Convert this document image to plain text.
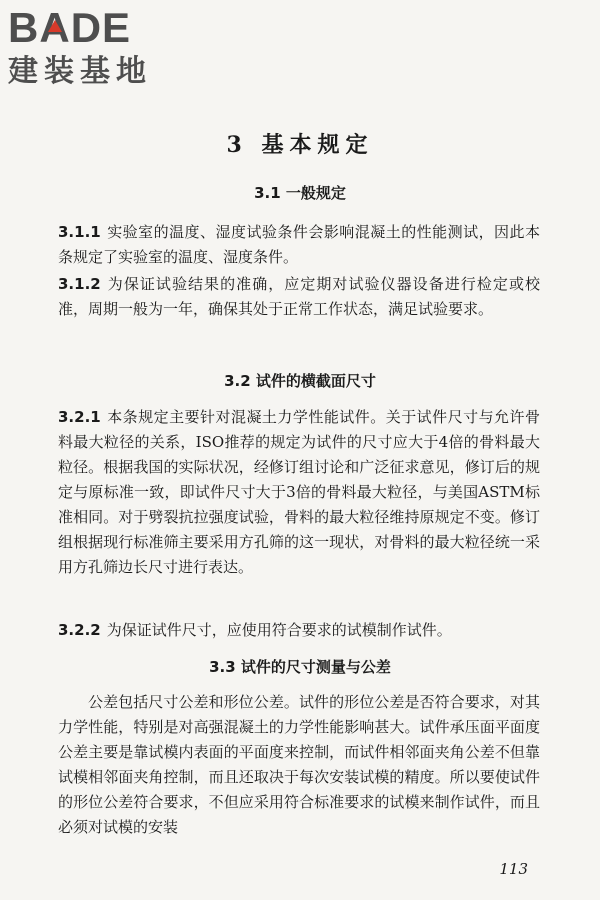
BA
DE
建装基地
3 基本规定
3.1 一般规定

3.1.1 实验室的温度、湿度试验条件会影响混凝土的性能测试，因此本条规定了实验室的温度、湿度条件。

3.1.2 为保证试验结果的准确，应定期对试验仪器设备进行检定或校准，周期一般为一年，确保其处于正常工作状态，满足试验要求。

3.2 试件的横截面尺寸

3.2.1 本条规定主要针对混凝土力学性能试件。关于试件尺寸与允许骨料最大粒径的关系，ISO推荐的规定为试件的尺寸应大于4倍的骨料最大粒径。根据我国的实际状况，经修订组讨论和广泛征求意见，修订后的规定与原标准一致，即试件尺寸大于3倍的骨料最大粒径，与美国ASTM标准相同。对于劈裂抗拉强度试验，骨料的最大粒径维持原规定不变。修订组根据现行标准筛主要采用方孔筛的这一现状，对骨料的最大粒径统一采用方孔筛边长尺寸进行表达。

3.2.2 为保证试件尺寸，应使用符合要求的试模制作试件。

3.3 试件的尺寸测量与公差

公差包括尺寸公差和形位公差。试件的形位公差是否符合要求，对其力学性能，特别是对高强混凝土的力学性能影响甚大。试件承压面平面度公差主要是靠试模内表面的平面度来控制，而试件相邻面夹角公差不但靠试模相邻面夹角控制，而且还取决于每次安装试模的精度。所以要使试件的形位公差符合要求，不但应采用符合标准要求的试模来制作试件，而且必须对试模的安装

113
